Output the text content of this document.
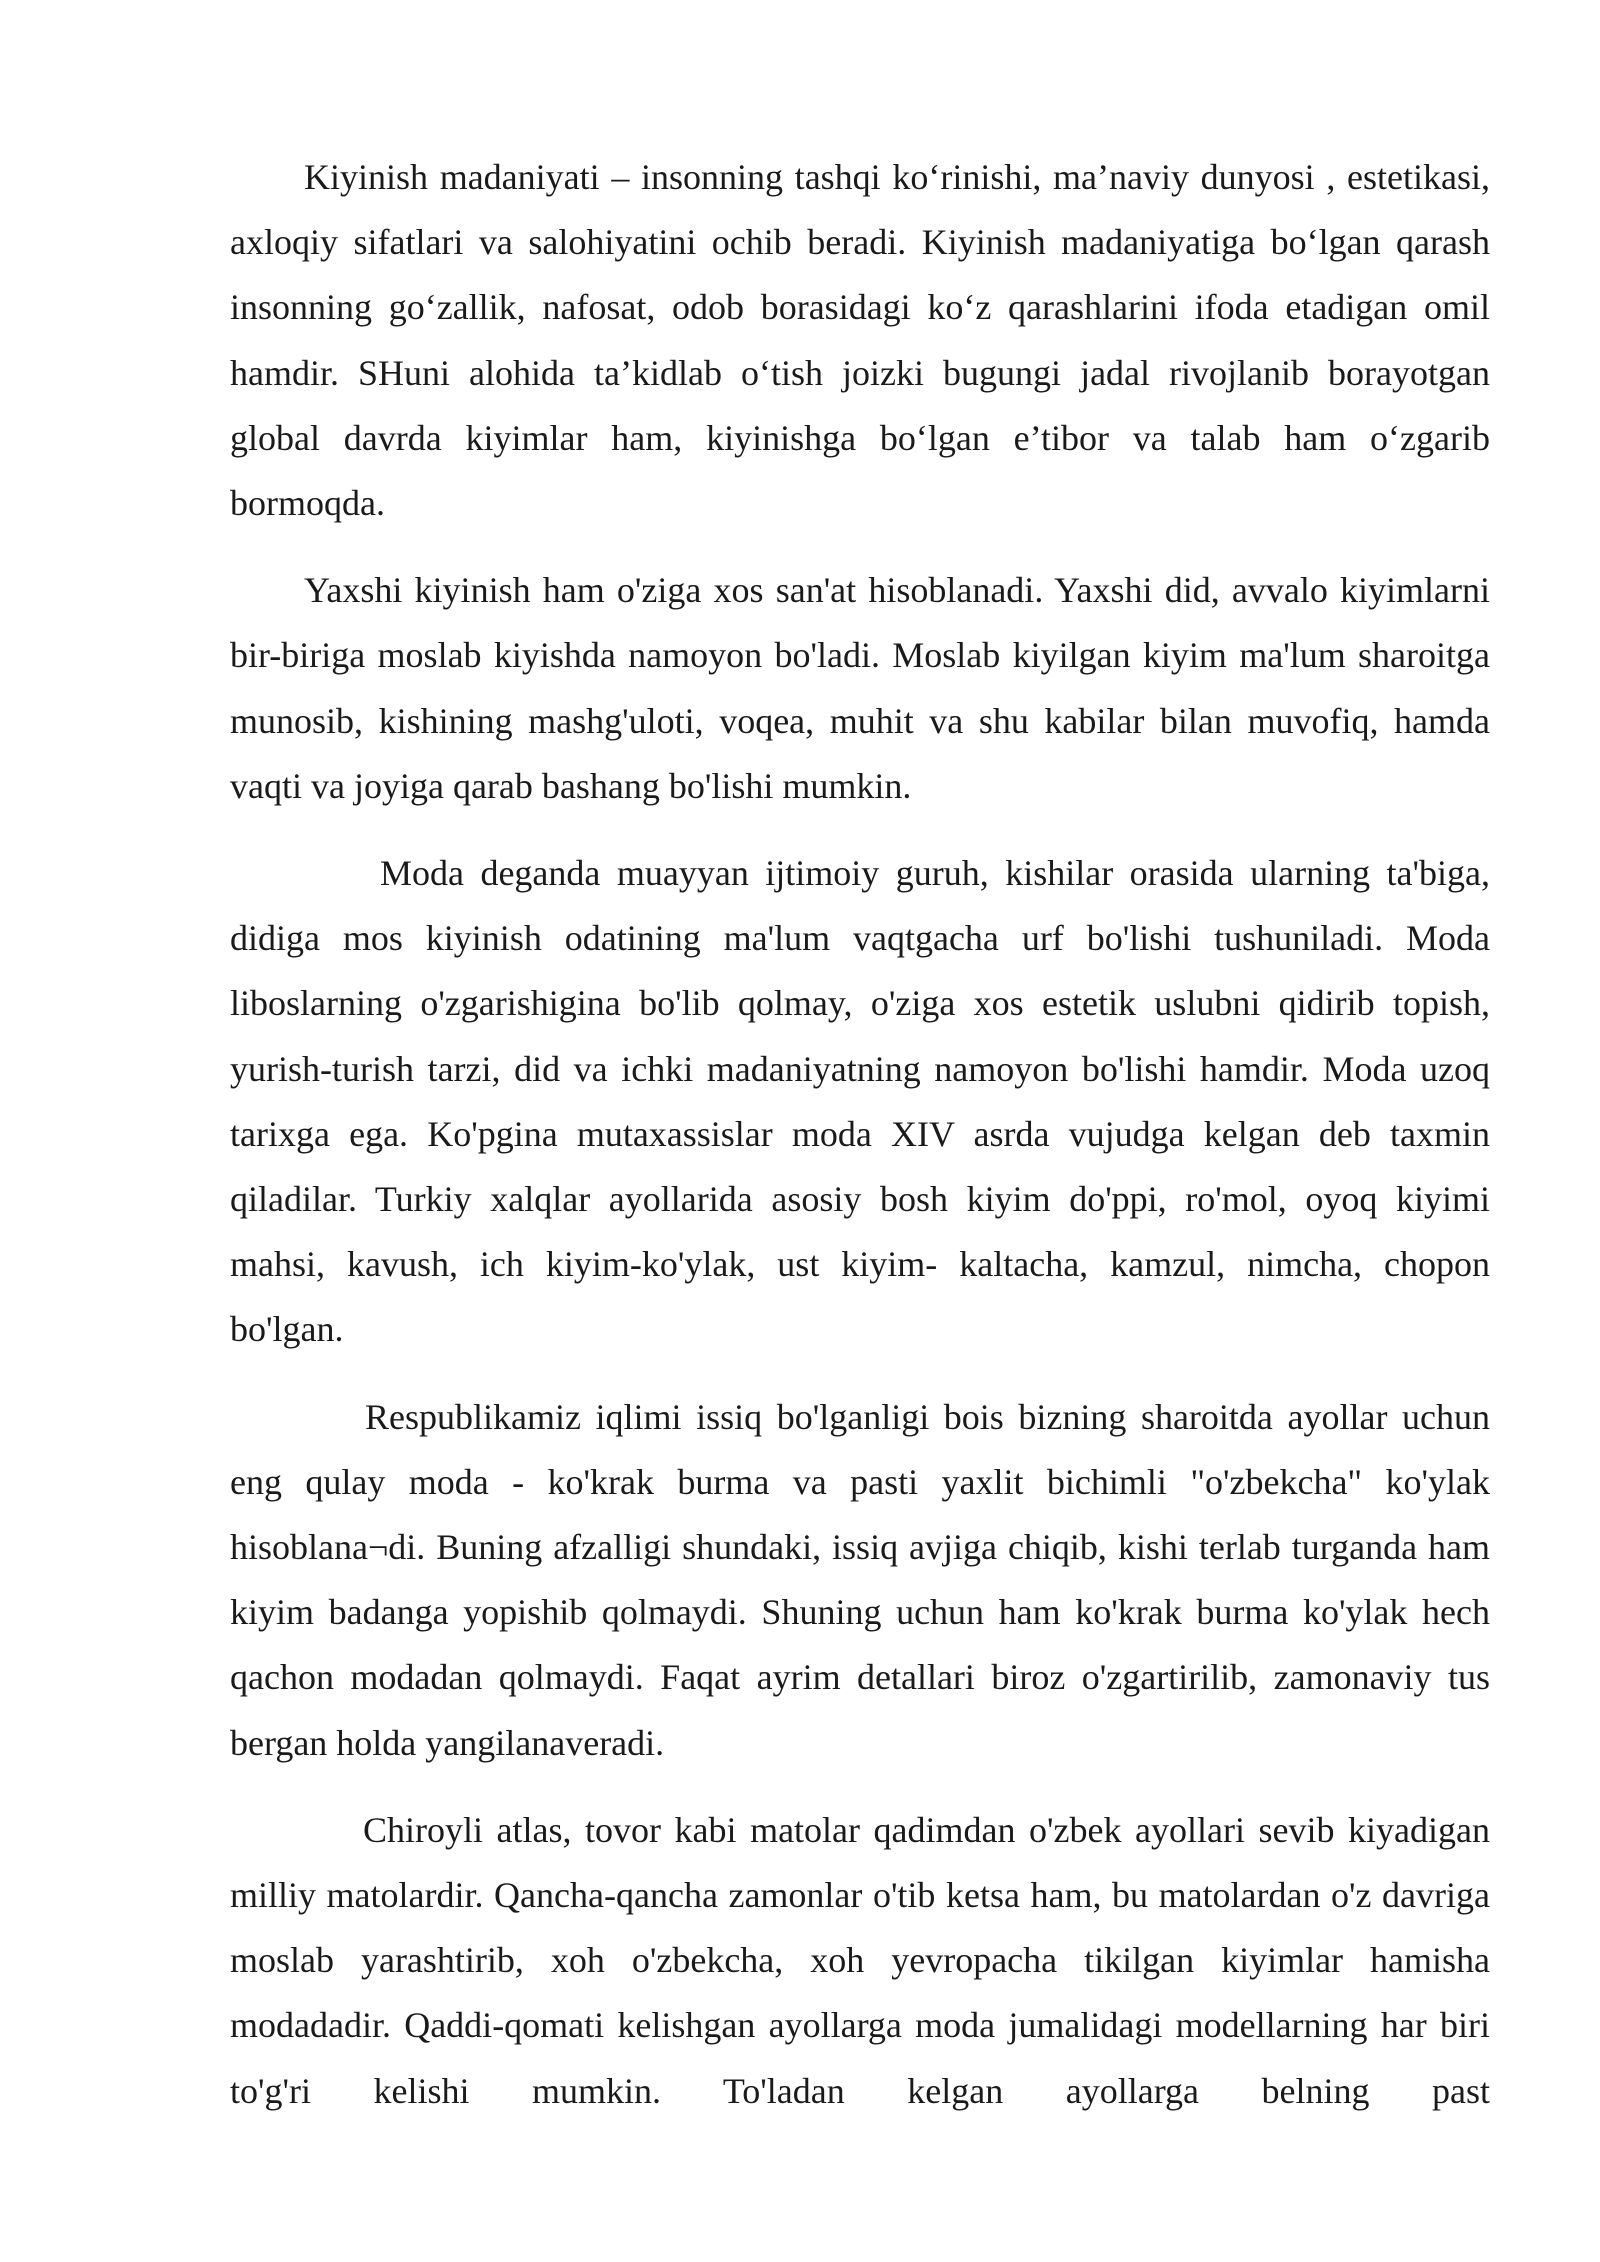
Kiyinish madaniyati – insonning tashqi ko‘rinishi, ma’naviy dunyosi , estetikasi, axloqiy sifatlari va salohiyatini ochib beradi. Kiyinish madaniyatiga bo‘lgan qarash insonning go‘zallik, nafosat, odob borasidagi ko‘z qarashlarini ifoda etadigan omil hamdir. SHuni alohida ta’kidlab o‘tish joizki bugungi jadal rivojlanib borayotgan global davrda kiyimlar ham, kiyinishga bo‘lgan e’tibor va talab ham o‘zgarib bormoqda.

Yaxshi kiyinish ham o'ziga xos san'at hisoblanadi. Yaxshi did, avvalo kiyimlarni bir-biriga moslab kiyishda namoyon bo'ladi. Moslab kiyilgan kiyim ma'lum sharoitga munosib, kishining mashg'uloti, voqea, muhit va shu kabilar bilan muvofiq, hamda vaqti va joyiga qarab bashang bo'lishi mumkin.

Moda deganda muayyan ijtimoiy guruh, kishilar orasida ularning ta'biga, didiga mos kiyinish odatining ma'lum vaqtgacha urf bo'lishi tushuniladi. Moda liboslarning o'zgarishigina bo'lib qolmay, o'ziga xos estetik uslubni qidirib topish, yurish-turish tarzi, did va ichki madaniyatning namoyon bo'lishi hamdir. Moda uzoq tarixga ega. Ko'pgina mutaxassislar moda XIV asrda vujudga kelgan deb taxmin qiladilar. Turkiy xalqlar ayollarida asosiy bosh kiyim do'ppi, ro'mol, oyoq kiyimi mahsi, kavush, ich kiyim-ko'ylak, ust kiyim- kaltacha, kamzul, nimcha, chopon bo'lgan.

Respublikamiz iqlimi issiq bo'lganligi bois bizning sharoitda ayollar uchun eng qulay moda - ko'krak burma va pasti yaxlit bichimli "o'zbekcha" ko'ylak hisoblana¬di. Buning afzalligi shundaki, issiq avjiga chiqib, kishi terlab turganda ham kiyim badanga yopishib qolmaydi. Shuning uchun ham ko'krak burma ko'ylak hech qachon modadan qolmaydi. Faqat ayrim detallari biroz o'zgartirilib, zamonaviy tus bergan holda yangilanaveradi.

Chiroyli atlas, tovor kabi matolar qadimdan o'zbek ayollari sevib kiyadigan milliy matolardir. Qancha-qancha zamonlar o'tib ketsa ham, bu matolardan o'z davriga moslab yarashtirib, xoh o'zbekcha, xoh yevropacha tikilgan kiyimlar hamisha modadadir. Qaddi-qomati kelishgan ayollarga moda jumalidagi modellarning har biri to'g'ri kelishi mumkin. To'ladan kelgan ayollarga belning past
